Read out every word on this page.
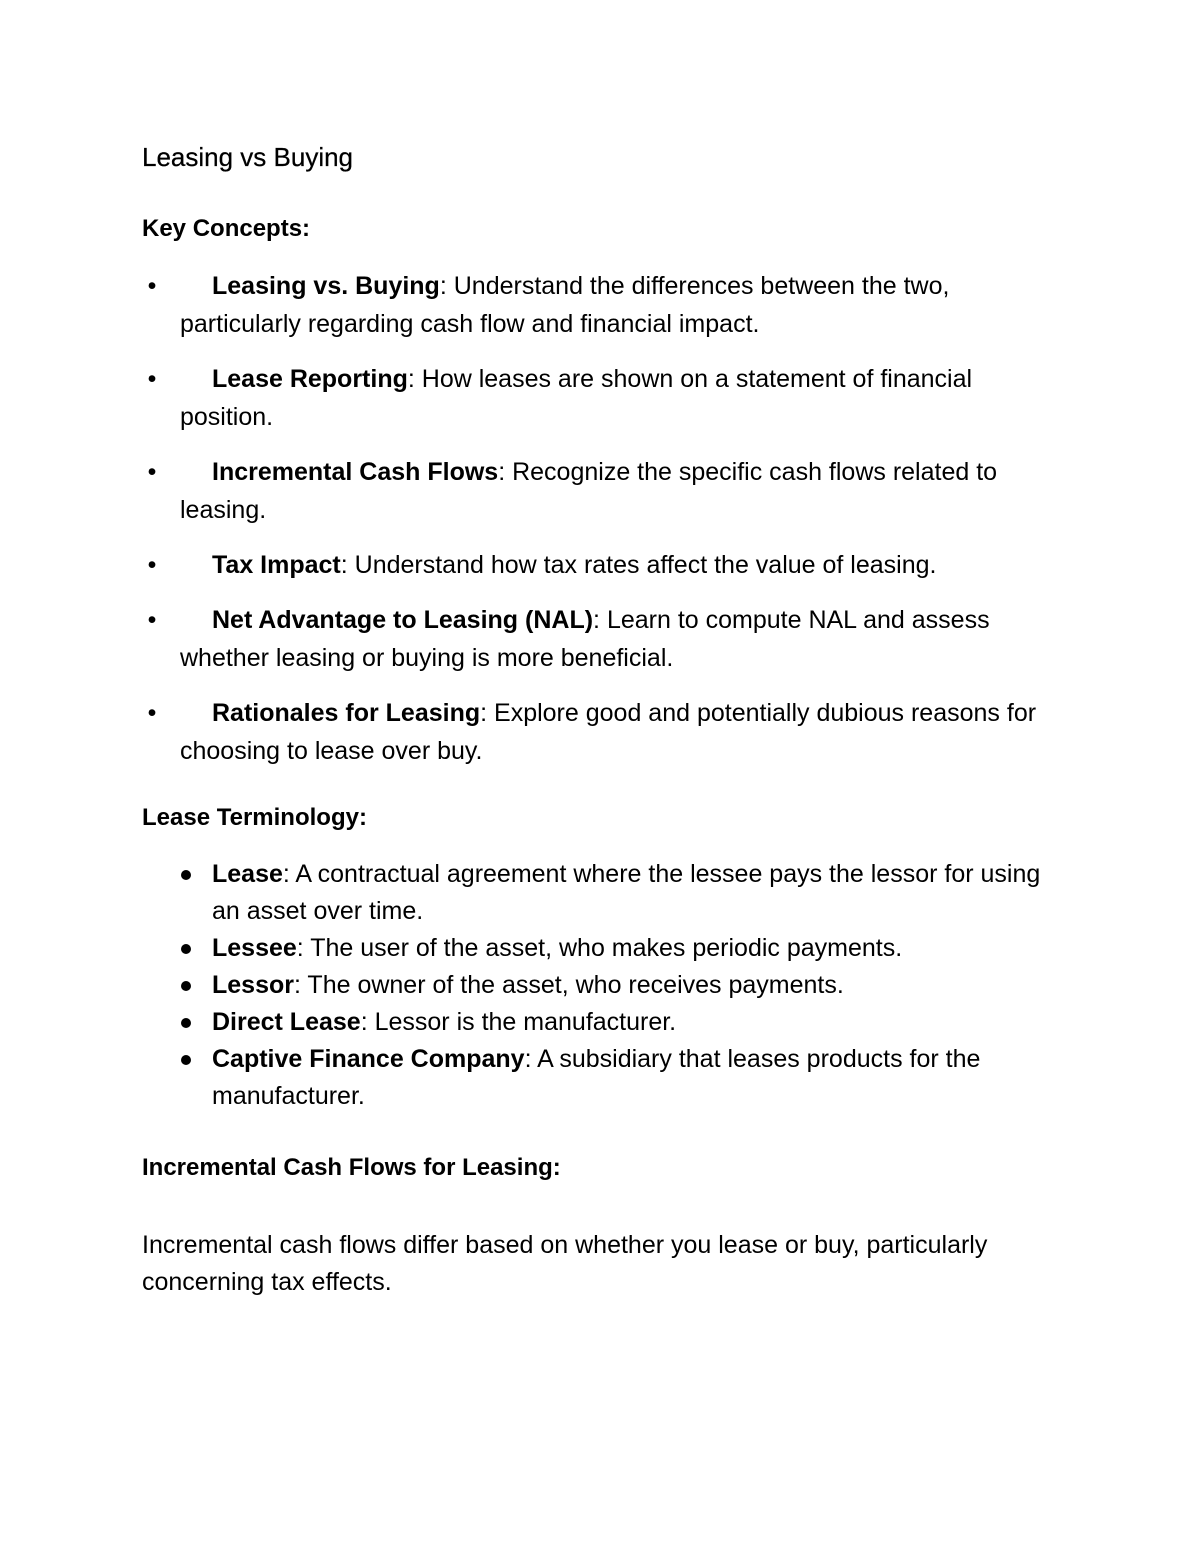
Leasing vs Buying
Key Concepts:
• Leasing vs. Buying: Understand the differences between the two, particularly regarding cash flow and financial impact.
• Lease Reporting: How leases are shown on a statement of financial position.
• Incremental Cash Flows: Recognize the specific cash flows related to leasing.
• Tax Impact: Understand how tax rates affect the value of leasing.
• Net Advantage to Leasing (NAL): Learn to compute NAL and assess whether leasing or buying is more beneficial.
• Rationales for Leasing: Explore good and potentially dubious reasons for choosing to lease over buy.
Lease Terminology:
Lease: A contractual agreement where the lessee pays the lessor for using an asset over time.
Lessee: The user of the asset, who makes periodic payments.
Lessor: The owner of the asset, who receives payments.
Direct Lease: Lessor is the manufacturer.
Captive Finance Company: A subsidiary that leases products for the manufacturer.
Incremental Cash Flows for Leasing:

Incremental cash flows differ based on whether you lease or buy, particularly concerning tax effects.
